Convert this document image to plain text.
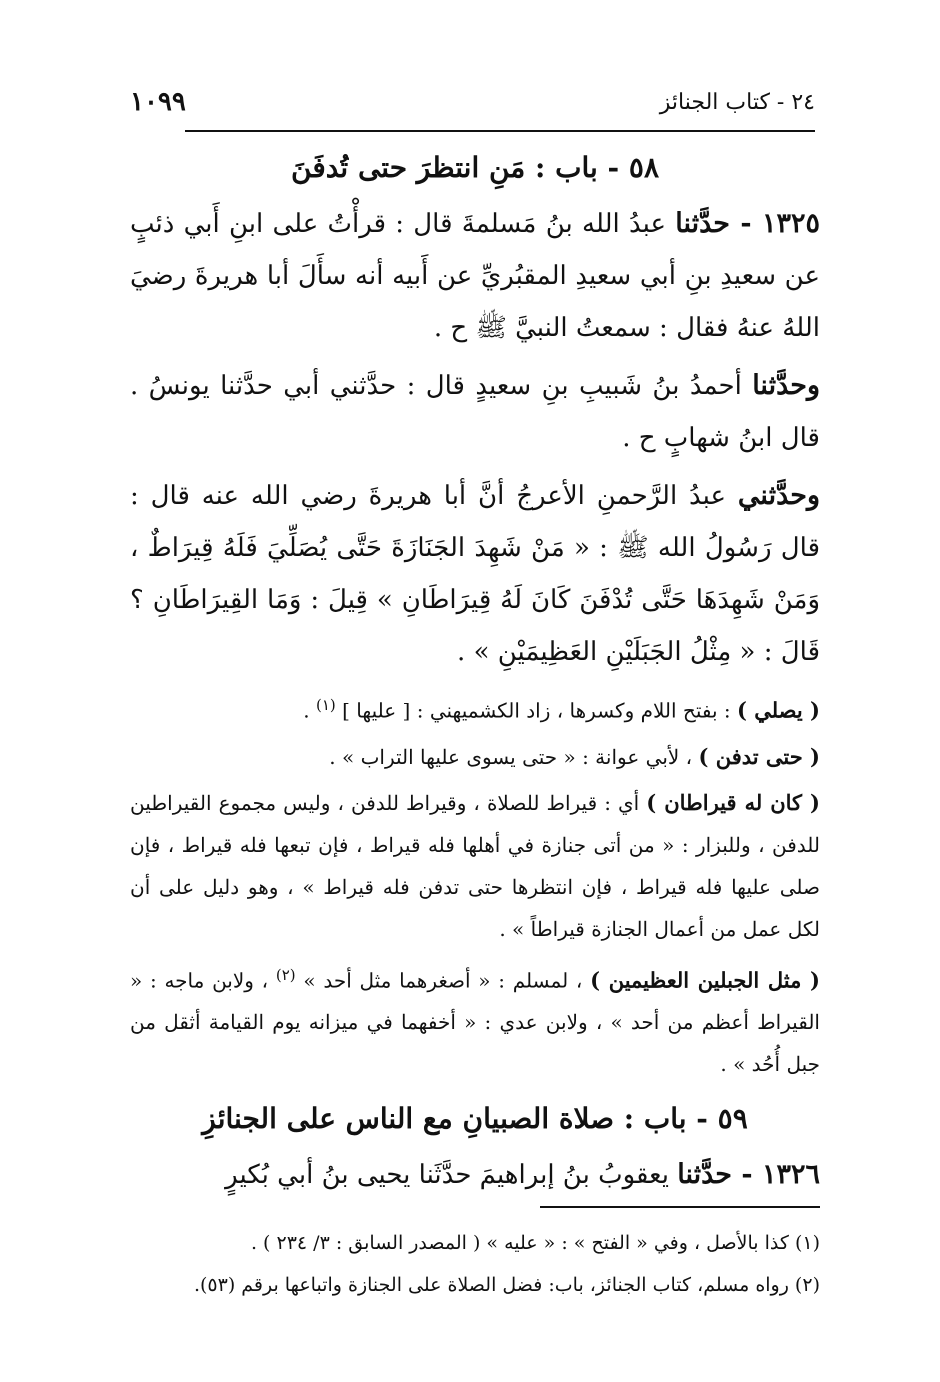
٢٤ - كتاب الجنائز
١٠٩٩

٥٨ - باب : مَنِ انتظرَ حتى تُدفَنَ

١٣٢٥ - حدَّثنا عبدُ الله بنُ مَسلمةَ قال : قرأْتُ على ابنِ أَبي ذئبٍ عن سعيدِ بنِ أبي سعيدِ المقبُريِّ عن أَبيه أنه سأَلَ أبا هريرةَ رضيَ اللهُ عنهُ فقال : سمعتُ النبيَّ ﷺ ح .

وحدَّثنا أحمدُ بنُ شَبيبِ بنِ سعيدٍ قال : حدَّثني أبي حدَّثنا يونسُ . قال ابنُ شهابٍ ح .

وحدَّثني عبدُ الرَّحمنِ الأعرجُ أنَّ أبا هريرةَ رضي الله عنه قال : قال رَسُولُ الله ﷺ : « مَنْ شَهِدَ الجَنَازَةَ حَتَّى يُصَلِّيَ فَلَهُ قِيرَاطٌ ، وَمَنْ شَهِدَهَا حَتَّى تُدْفَنَ كَانَ لَهُ قِيرَاطَانِ » قِيلَ : وَمَا القِيرَاطَانِ ؟ قَالَ : « مِثْلُ الجَبَلَيْنِ العَظِيمَيْنِ » .

( يصلي ) : بفتح اللام وكسرها ، زاد الكشميهني : [ عليها ] $^{(١)}$ .

( حتى تدفن ) ، لأبي عوانة : « حتى يسوى عليها التراب » .

( كان له قيراطان ) أي : قيراط للصلاة ، وقيراط للدفن ، وليس مجموع القيراطين للدفن ، وللبزار : « من أتى جنازة في أهلها فله قيراط ، فإن تبعها فله قيراط ، فإن صلى عليها فله قيراط ، فإن انتظرها حتى تدفن فله قيراط » ، وهو دليل على أن لكل عمل من أعمال الجنازة قيراطاً » .

( مثل الجبلين العظيمين ) ، لمسلم : « أصغرهما مثل أحد » $^{(٢)}$ ، ولابن ماجه : « القيراط أعظم من أحد » ، ولابن عدي : « أخفهما في ميزانه يوم القيامة أثقل من جبل أُحُد » .

٥٩ - باب : صلاة الصبيانِ مع الناس على الجنائزِ

١٣٢٦ - حدَّثنا يعقوبُ بنُ إبراهيمَ حدَّثَنا يحيى بنُ أبي بُكيرٍ

(١) كذا بالأصل ، وفي « الفتح » : « عليه » ( المصدر السابق : ٣/ ٢٣٤ ) .

(٢) رواه مسلم، كتاب الجنائز، باب: فضل الصلاة على الجنازة واتباعها برقم (٥٣).
